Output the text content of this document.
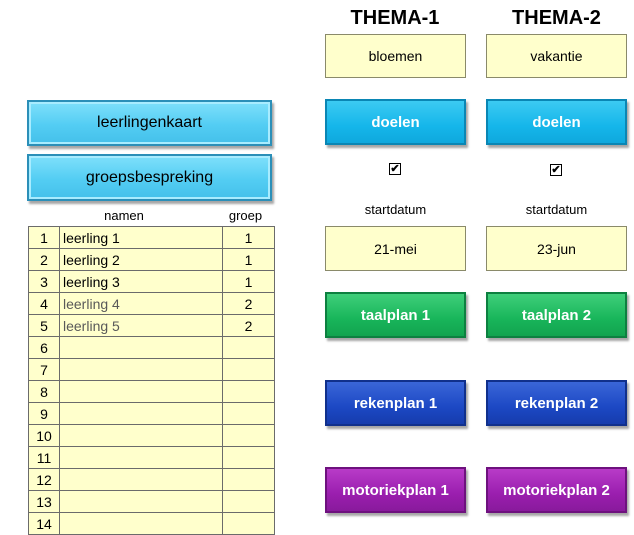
leerlingenkaart
groepsbespreking
namen	groep
1	leerling 1	1
2	leerling 2	1
3	leerling 3	1
4	leerling 4	2
5	leerling 5	2
6		
7		
8		
9		
10		
11		
12		
13		
14		
THEMA-1
bloemen
doelen
✔
startdatum
21-mei
taalplan 1
rekenplan 1
motoriekplan 1
THEMA-2
vakantie
doelen
✔
startdatum
23-jun
taalplan 2
rekenplan 2
motoriekplan 2
